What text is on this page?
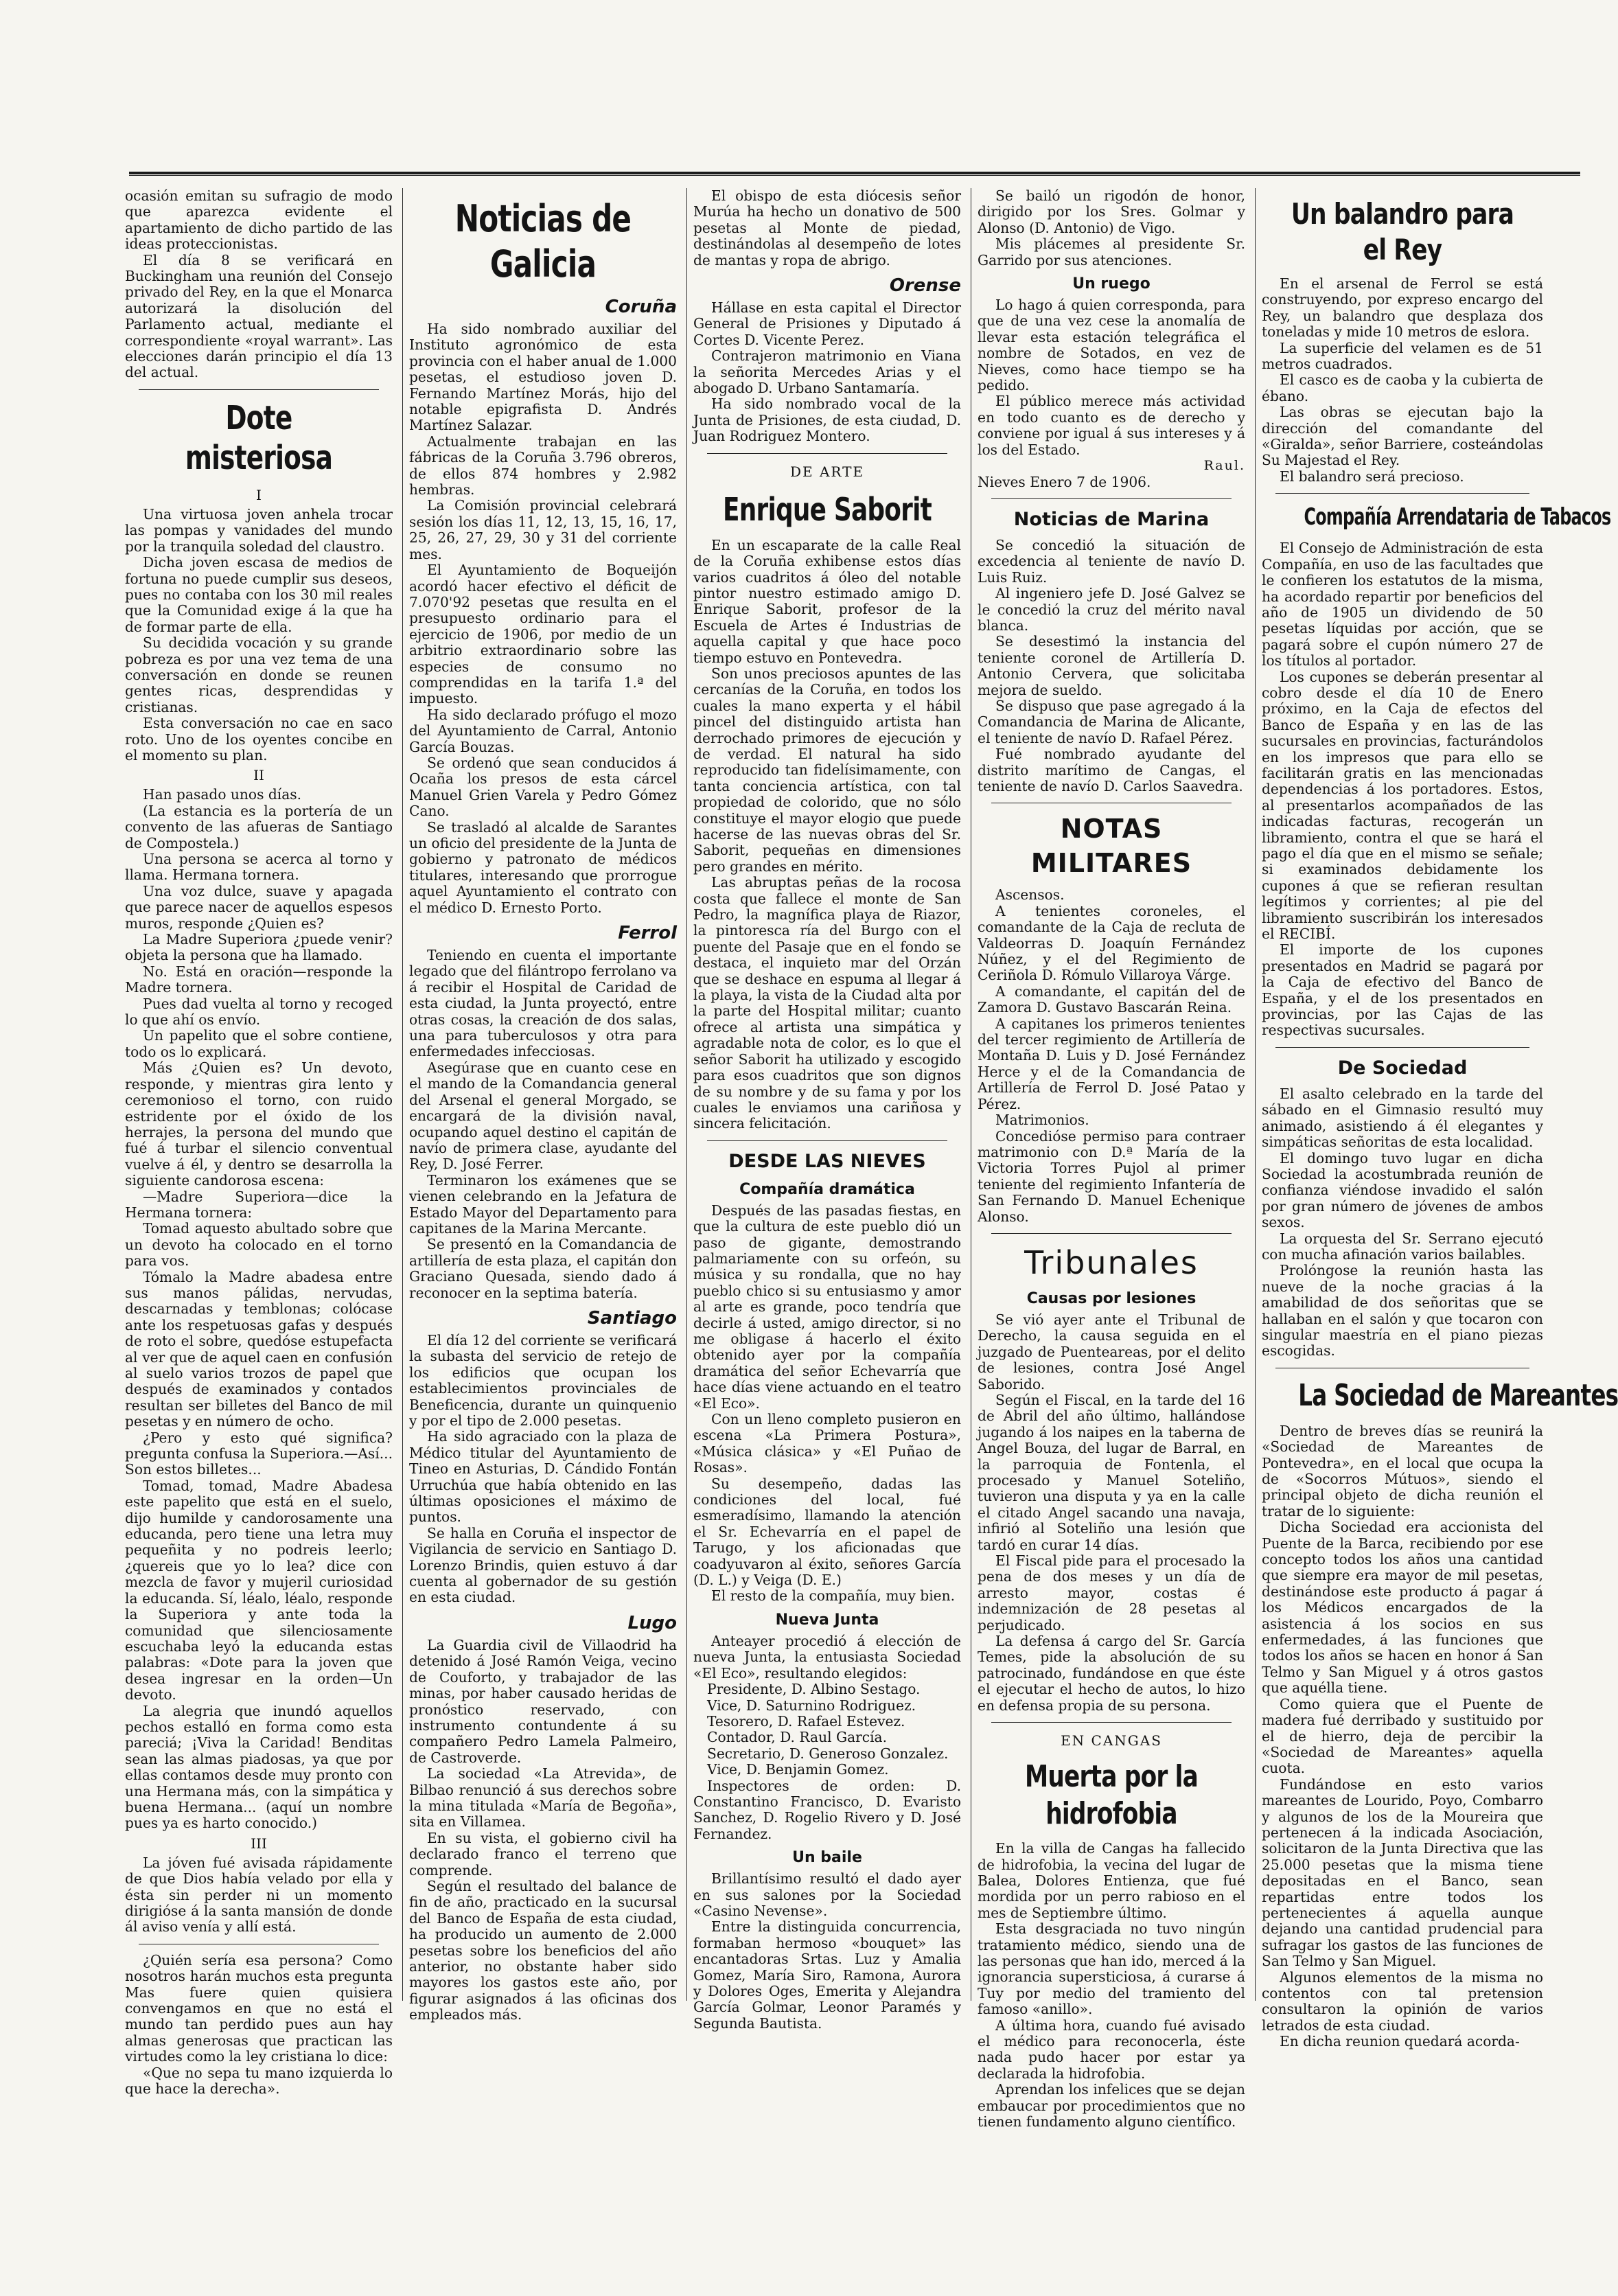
ocasión emitan su sufragio de modo que aparezca evidente el apartamiento de dicho partido de las ideas proteccionistas.

El día 8 se verificará en Buckingham una reunión del Consejo privado del Rey, en la que el Monarca autorizará la disolución del Parlamento actual, mediante el correspondiente «royal warrant». Las elecciones darán principio el día 13 del actual.

Dote misteriosa
I

Una virtuosa joven anhela trocar las pompas y vanidades del mundo por la tranquila soledad del claustro.

Dicha joven escasa de medios de fortuna no puede cumplir sus deseos, pues no contaba con los 30 mil reales que la Comunidad exige á la que ha de formar parte de ella.

Su decidida vocación y su grande pobreza es por una vez tema de una conversación en donde se reunen gentes ricas, desprendidas y cristianas.

Esta conversación no cae en saco roto. Uno de los oyentes concibe en el momento su plan.

II

Han pasado unos días.

(La estancia es la portería de un convento de las afueras de Santiago de Compostela.)

Una persona se acerca al torno y llama. Hermana tornera.

Una voz dulce, suave y apagada que parece nacer de aquellos espesos muros, responde ¿Quien es?

La Madre Superiora ¿puede venir? objeta la persona que ha llamado.

No. Está en oración—responde la Madre tornera.

Pues dad vuelta al torno y recoged lo que ahí os envío.

Un papelito que el sobre contiene, todo os lo explicará.

Más ¿Quien es? Un devoto, responde, y mientras gira lento y ceremonioso el torno, con ruido estridente por el óxido de los herrajes, la persona del mundo que fué á turbar el silencio conventual vuelve á él, y dentro se desarrolla la siguiente candorosa escena:

—Madre Superiora—dice la Hermana tornera:

Tomad aquesto abultado sobre que un devoto ha colocado en el torno para vos.

Tómalo la Madre abadesa entre sus manos pálidas, nervudas, descarnadas y temblonas; colócase ante los respetuosas gafas y después de roto el sobre, quedóse estupefacta al ver que de aquel caen en confusión al suelo varios trozos de papel que después de examinados y contados resultan ser billetes del Banco de mil pesetas y en número de ocho.

¿Pero y esto qué significa? pregunta confusa la Superiora.—Así... Son estos billetes...

Tomad, tomad, Madre Abadesa este papelito que está en el suelo, dijo humilde y candorosamente una educanda, pero tiene una letra muy pequeñita y no podreis leerlo; ¿quereis que yo lo lea? dice con mezcla de favor y mujeril curiosidad la educanda. Sí, léalo, léalo, responde la Superiora y ante toda la comunidad que silenciosamente escuchaba leyó la educanda estas palabras: «Dote para la joven que desea ingresar en la orden—Un devoto.

La alegria que inundó aquellos pechos estalló en forma como esta pareciá; ¡Viva la Caridad! Benditas sean las almas piadosas, ya que por ellas contamos desde muy pronto con una Hermana más, con la simpática y buena Hermana... (aquí un nombre pues ya es harto conocido.)

III

La jóven fué avisada rápidamente de que Dios había velado por ella y ésta sin perder ni un momento dirigióse á la santa mansión de donde ál aviso venía y allí está.

¿Quién sería esa persona? Como nosotros harán muchos esta pregunta Mas fuere quien quisiera convengamos en que no está el mundo tan perdido pues aun hay almas generosas que practican las virtudes como la ley cristiana lo dice:

«Que no sepa tu mano izquierda lo que hace la derecha».

Noticias de Galicia
Coruña

Ha sido nombrado auxiliar del Instituto agronómico de esta provincia con el haber anual de 1.000 pesetas, el estudioso joven D. Fernando Martínez Morás, hijo del notable epigrafista D. Andrés Martínez Salazar.

Actualmente trabajan en las fábricas de la Coruña 3.796 obreros, de ellos 874 hombres y 2.982 hembras.

La Comisión provincial celebrará sesión los días 11, 12, 13, 15, 16, 17, 25, 26, 27, 29, 30 y 31 del corriente mes.

El Ayuntamiento de Boqueijón acordó hacer efectivo el déficit de 7.070'92 pesetas que resulta en el presupuesto ordinario para el ejercicio de 1906, por medio de un arbitrio extraordinario sobre las especies de consumo no comprendidas en la tarifa 1.ª del impuesto.

Ha sido declarado prófugo el mozo del Ayuntamiento de Carral, Antonio García Bouzas.

Se ordenó que sean conducidos á Ocaña los presos de esta cárcel Manuel Grien Varela y Pedro Gómez Cano.

Se trasladó al alcalde de Sarantes un oficio del presidente de la Junta de gobierno y patronato de médicos titulares, interesando que prorrogue aquel Ayuntamiento el contrato con el médico D. Ernesto Porto.

Ferrol

Teniendo en cuenta el importante legado que del filántropo ferrolano va á recibir el Hospital de Caridad de esta ciudad, la Junta proyectó, entre otras cosas, la creación de dos salas, una para tuberculosos y otra para enfermedades infecciosas.

Asegúrase que en cuanto cese en el mando de la Comandancia general del Arsenal el general Morgado, se encargará de la división naval, ocupando aquel destino el capitán de navío de primera clase, ayudante del Rey, D. José Ferrer.

Terminaron los exámenes que se vienen celebrando en la Jefatura de Estado Mayor del Departamento para capitanes de la Marina Mercante.

Se presentó en la Comandancia de artillería de esta plaza, el capitán don Graciano Quesada, siendo dado á reconocer en la septima batería.

Santiago

El día 12 del corriente se verificará la subasta del servicio de retejo de los edificios que ocupan los establecimientos provinciales de Beneficencia, durante un quinquenio y por el tipo de 2.000 pesetas.

Ha sido agraciado con la plaza de Médico titular del Ayuntamiento de Tineo en Asturias, D. Cándido Fontán Urruchúa que había obtenido en las últimas oposiciones el máximo de puntos.

Se halla en Coruña el inspector de Vigilancia de servicio en Santiago D. Lorenzo Brindis, quien estuvo á dar cuenta al gobernador de su gestión en esta ciudad.

Lugo

La Guardia civil de Villaodrid ha detenido á José Ramón Veiga, vecino de Couforto, y trabajador de las minas, por haber causado heridas de pronóstico reservado, con instrumento contundente á su compañero Pedro Lamela Palmeiro, de Castroverde.

La sociedad «La Atrevida», de Bilbao renunció á sus derechos sobre la mina titulada «María de Begoña», sita en Villamea.

En su vista, el gobierno civil ha declarado franco el terreno que comprende.

Según el resultado del balance de fin de año, practicado en la sucursal del Banco de España de esta ciudad, ha producido un aumento de 2.000 pesetas sobre los beneficios del año anterior, no obstante haber sido mayores los gastos este año, por figurar asignados á las oficinas dos empleados más.

El obispo de esta diócesis señor Murúa ha hecho un donativo de 500 pesetas al Monte de piedad, destinándolas al desempeño de lotes de mantas y ropa de abrigo.

Orense

Hállase en esta capital el Director General de Prisiones y Diputado á Cortes D. Vicente Perez.

Contrajeron matrimonio en Viana la señorita Mercedes Arias y el abogado D. Urbano Santamaría.

Ha sido nombrado vocal de la Junta de Prisiones, de esta ciudad, D. Juan Rodriguez Montero.

DE ARTE
Enrique Saborit

En un escaparate de la calle Real de la Coruña exhibense estos días varios cuadritos á óleo del notable pintor nuestro estimado amigo D. Enrique Saborit, profesor de la Escuela de Artes é Industrias de aquella capital y que hace poco tiempo estuvo en Pontevedra.

Son unos preciosos apuntes de las cercanías de la Coruña, en todos los cuales la mano experta y el hábil pincel del distinguido artista han derrochado primores de ejecución y de verdad. El natural ha sido reproducido tan fidelísimamente, con tanta conciencia artística, con tal propiedad de colorido, que no sólo constituye el mayor elogio que puede hacerse de las nuevas obras del Sr. Saborit, pequeñas en dimensiones pero grandes en mérito.

Las abruptas peñas de la rocosa costa que fallece el monte de San Pedro, la magnífica playa de Riazor, la pintoresca ría del Burgo con el puente del Pasaje que en el fondo se destaca, el inquieto mar del Orzán que se deshace en espuma al llegar á la playa, la vista de la Ciudad alta por la parte del Hospital militar; cuanto ofrece al artista una simpática y agradable nota de color, es lo que el señor Saborit ha utilizado y escogido para esos cuadritos que son dignos de su nombre y de su fama y por los cuales le enviamos una cariñosa y sincera felicitación.

DESDE LAS NIEVES
Compañía dramática

Después de las pasadas fiestas, en que la cultura de este pueblo dió un paso de gigante, demostrando palmariamente con su orfeón, su música y su rondalla, que no hay pueblo chico si su entusiasmo y amor al arte es grande, poco tendría que decirle á usted, amigo director, si no me obligase á hacerlo el éxito obtenido ayer por la compañía dramática del señor Echevarría que hace días viene actuando en el teatro «El Eco».

Con un lleno completo pusieron en escena «La Primera Postura», «Música clásica» y «El Puñao de Rosas».

Su desempeño, dadas las condiciones del local, fué esmeradísimo, llamando la atención el Sr. Echevarría en el papel de Tarugo, y los aficionadas que coadyuvaron al éxito, señores García (D. L.) y Veiga (D. E.)

El resto de la compañía, muy bien.

Nueva Junta

Anteayer procedió á elección de nueva Junta, la entusiasta Sociedad «El Eco», resultando elegidos:

Presidente, D. Albino Sestago.

Vice, D. Saturnino Rodriguez.

Tesorero, D. Rafael Estevez.

Contador, D. Raul García.

Secretario, D. Generoso Gonzalez.

Vice, D. Benjamin Gomez.

Inspectores de orden: D. Constantino Francisco, D. Evaristo Sanchez, D. Rogelio Rivero y D. José Fernandez.

Un baile

Brillantísimo resultó el dado ayer en sus salones por la Sociedad «Casino Nevense».

Entre la distinguida concurrencia, formaban hermoso «bouquet» las encantadoras Srtas. Luz y Amalia Gomez, María Siro, Ramona, Aurora y Dolores Oges, Emerita y Alejandra García Golmar, Leonor Paramés y Segunda Bautista.

Se bailó un rigodón de honor, dirigido por los Sres. Golmar y Alonso (D. Antonio) de Vigo.

Mis plácemes al presidente Sr. Garrido por sus atenciones.

Un ruego

Lo hago á quien corresponda, para que de una vez cese la anomalía de llevar esta estación telegráfica el nombre de Sotados, en vez de Nieves, como hace tiempo se ha pedido.

El público merece más actividad en todo cuanto es de derecho y conviene por igual á sus intereses y á los del Estado.

Raul.

Nieves Enero 7 de 1906.

Noticias de Marina

Se concedió la situación de excedencia al teniente de navío D. Luis Ruiz.

Al ingeniero jefe D. José Galvez se le concedió la cruz del mérito naval blanca.

Se desestimó la instancia del teniente coronel de Artillería D. Antonio Cervera, que solicitaba mejora de sueldo.

Se dispuso que pase agregado á la Comandancia de Marina de Alicante, el teniente de navío D. Rafael Pérez.

Fué nombrado ayudante del distrito marítimo de Cangas, el teniente de navío D. Carlos Saavedra.

NOTAS MILITARES

Ascensos.

A tenientes coroneles, el comandante de la Caja de recluta de Valdeorras D. Joaquín Fernández Núñez, y el del Regimiento de Ceriñola D. Rómulo Villaroya Várge.

A comandante, el capitán del de Zamora D. Gustavo Bascarán Reina.

A capitanes los primeros tenientes del tercer regimiento de Artillería de Montaña D. Luis y D. José Fernández Herce y el de la Comandancia de Artillería de Ferrol D. José Patao y Pérez.

Matrimonios.

Concedióse permiso para contraer matrimonio con D.ª María de la Victoria Torres Pujol al primer teniente del regimiento Infantería de San Fernando D. Manuel Echenique Alonso.

Tribunales
Causas por lesiones

Se vió ayer ante el Tribunal de Derecho, la causa seguida en el juzgado de Puenteareas, por el delito de lesiones, contra José Angel Saborido.

Según el Fiscal, en la tarde del 16 de Abril del año último, hallándose jugando á los naipes en la taberna de Angel Bouza, del lugar de Barral, en la parroquia de Fontenla, el procesado y Manuel Soteliño, tuvieron una disputa y ya en la calle el citado Angel sacando una navaja, infirió al Soteliño una lesión que tardó en curar 14 días.

El Fiscal pide para el procesado la pena de dos meses y un día de arresto mayor, costas é indemnización de 28 pesetas al perjudicado.

La defensa á cargo del Sr. García Temes, pide la absolución de su patrocinado, fundándose en que éste el ejecutar el hecho de autos, lo hizo en defensa propia de su persona.

EN CANGAS
Muerta por la hidrofobia

En la villa de Cangas ha fallecido de hidrofobia, la vecina del lugar de Balea, Dolores Entienza, que fué mordida por un perro rabioso en el mes de Septiembre último.

Esta desgraciada no tuvo ningún tratamiento médico, siendo una de las personas que han ido, merced á la ignorancia supersticiosa, á curarse á Tuy por medio del tramiento del famoso «anillo».

A última hora, cuando fué avisado el médico para reconocerla, éste nada pudo hacer por estar ya declarada la hidrofobia.

Aprendan los infelices que se dejan embaucar por procedimientos que no tienen fundamento alguno científico.

Un balandro para el Rey

En el arsenal de Ferrol se está construyendo, por expreso encargo del Rey, un balandro que desplaza dos toneladas y mide 10 metros de eslora.

La superficie del velamen es de 51 metros cuadrados.

El casco es de caoba y la cubierta de ébano.

Las obras se ejecutan bajo la dirección del comandante del «Giralda», señor Barriere, costeándolas Su Majestad el Rey.

El balandro será precioso.

Compañía Arrendataria de Tabacos

El Consejo de Administración de esta Compañía, en uso de las facultades que le confieren los estatutos de la misma, ha acordado repartir por beneficios del año de 1905 un dividendo de 50 pesetas líquidas por acción, que se pagará sobre el cupón número 27 de los títulos al portador.

Los cupones se deberán presentar al cobro desde el día 10 de Enero próximo, en la Caja de efectos del Banco de España y en las de las sucursales en provincias, facturándolos en los impresos que para ello se facilitarán gratis en las mencionadas dependencias á los portadores. Estos, al presentarlos acompañados de las indicadas facturas, recogerán un libramiento, contra el que se hará el pago el día que en el mismo se señale; si examinados debidamente los cupones á que se refieran resultan legítimos y corrientes; al pie del libramiento suscribirán los interesados el RECIBÍ.

El importe de los cupones presentados en Madrid se pagará por la Caja de efectivo del Banco de España, y el de los presentados en provincias, por las Cajas de las respectivas sucursales.

De Sociedad

El asalto celebrado en la tarde del sábado en el Gimnasio resultó muy animado, asistiendo á él elegantes y simpáticas señoritas de esta localidad.

El domingo tuvo lugar en dicha Sociedad la acostumbrada reunión de confianza viéndose invadido el salón por gran número de jóvenes de ambos sexos.

La orquesta del Sr. Serrano ejecutó con mucha afinación varios bailables.

Prolóngose la reunión hasta las nueve de la noche gracias á la amabilidad de dos señoritas que se hallaban en el salón y que tocaron con singular maestría en el piano piezas escogidas.

La Sociedad de Mareantes

Dentro de breves días se reunirá la «Sociedad de Mareantes de Pontevedra», en el local que ocupa la de «Socorros Mútuos», siendo el principal objeto de dicha reunión el tratar de lo siguiente:

Dicha Sociedad era accionista del Puente de la Barca, recibiendo por ese concepto todos los años una cantidad que siempre era mayor de mil pesetas, destinándose este producto á pagar á los Médicos encargados de la asistencia á los socios en sus enfermedades, á las funciones que todos los años se hacen en honor á San Telmo y San Miguel y á otros gastos que aquélla tiene.

Como quiera que el Puente de madera fué derribado y sustituido por el de hierro, deja de percibir la «Sociedad de Mareantes» aquella cuota.

Fundándose en esto varios mareantes de Lourido, Poyo, Combarro y algunos de los de la Moureira que pertenecen á la indicada Asociación, solicitaron de la Junta Directiva que las 25.000 pesetas que la misma tiene depositadas en el Banco, sean repartidas entre todos los pertenecientes á aquella aunque dejando una cantidad prudencial para sufragar los gastos de las funciones de San Telmo y San Miguel.

Algunos elementos de la misma no contentos con tal pretension consultaron la opinión de varios letrados de esta ciudad.

En dicha reunion quedará acorda-
